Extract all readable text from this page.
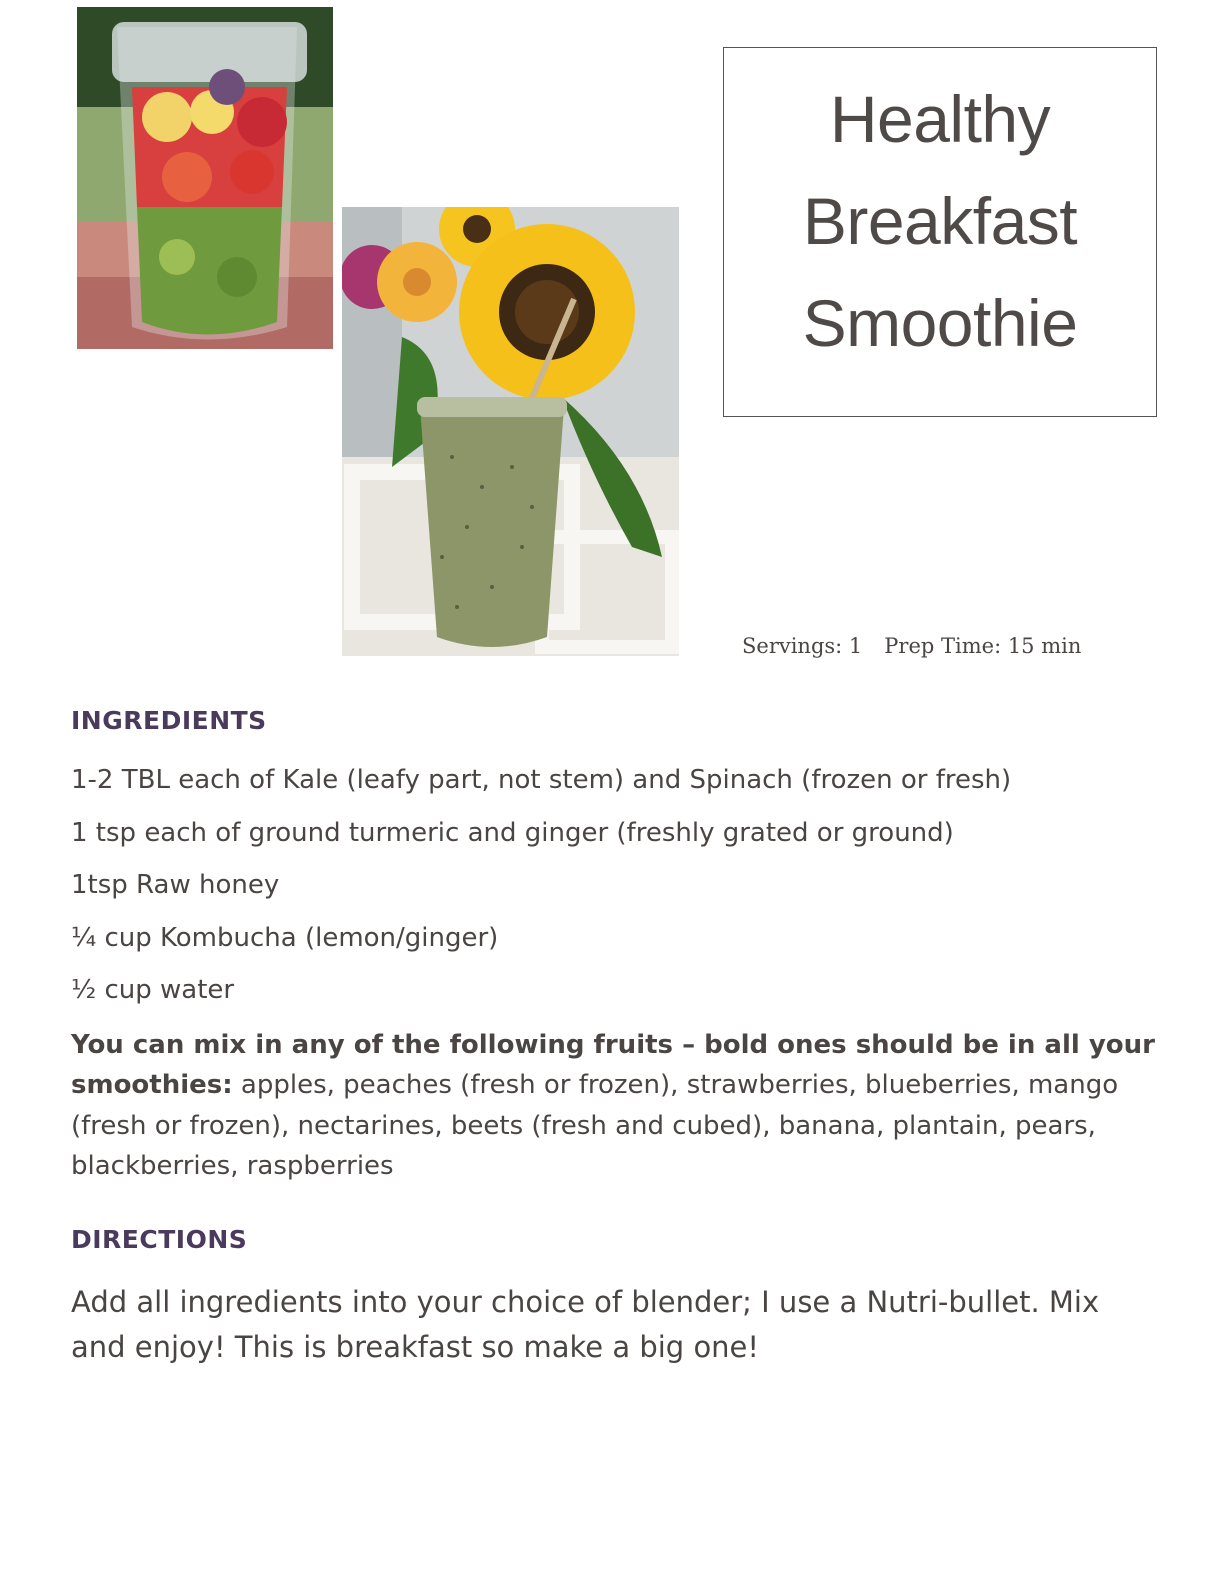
Healthy
Breakfast
Smoothie
Servings: 1 Prep Time: 15 min
INGREDIENTS
1-2 TBL each of Kale (leafy part, not stem) and Spinach (frozen or fresh)
1 tsp each of ground turmeric and ginger (freshly grated or ground)
1tsp Raw honey
¼ cup Kombucha (lemon/ginger)
½ cup water
You can mix in any of the following fruits – bold ones should be in all your smoothies: apples, peaches (fresh or frozen), strawberries, blueberries, mango (fresh or frozen), nectarines, beets (fresh and cubed), banana, plantain, pears, blackberries, raspberries
DIRECTIONS
Add all ingredients into your choice of blender; I use a Nutri-bullet. Mix and enjoy! This is breakfast so make a big one!
